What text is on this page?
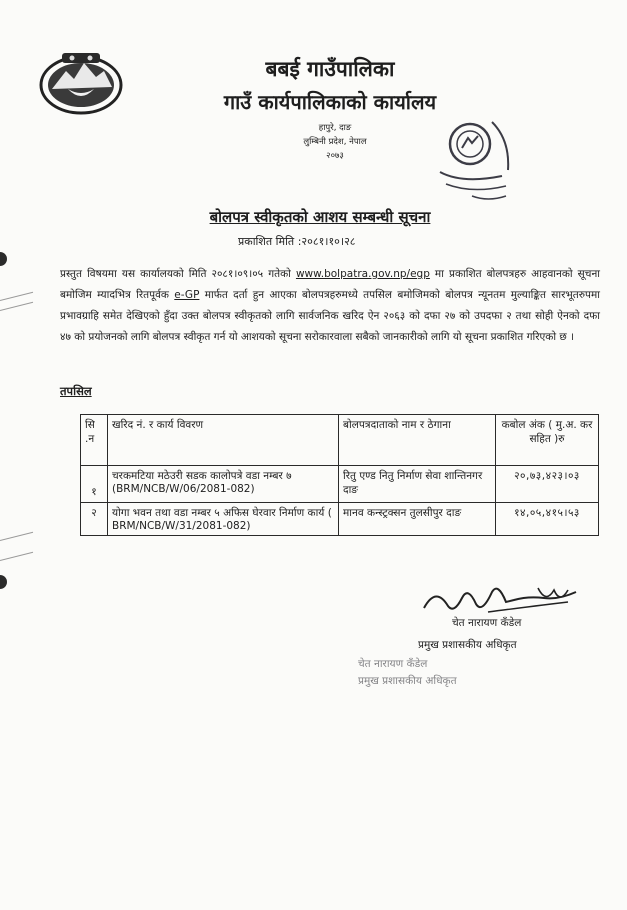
बबई गाउँपालिका
गाउँ कार्यपालिकाको कार्यालय
हापुरे, दाङ
लुम्बिनी प्रदेश, नेपाल
२०७३
बोलपत्र स्वीकृतको आशय सम्बन्धी सूचना
प्रकाशित मिति :२०८१।१०।२८
प्रस्तुत विषयमा यस कार्यालयको मिति २०८१।०९।०५ गतेको www.bolpatra.gov.np/egp मा प्रकाशित बोलपत्रहरु आहवानको सूचना बमोजिम म्यादभित्र रितपूर्वक e-GP मार्फत दर्ता हुन आएका बोलपत्रहरुमध्ये तपसिल बमोजिमको बोलपत्र न्यूनतम मुल्याङ्कित सारभूतरुपमा प्रभावग्राहि समेत देखिएको हुँदा उक्त बोलपत्र स्वीकृतको लागि सार्वजनिक खरिद ऐन २०६३ को दफा २७ को उपदफा २ तथा सोही ऐनको दफा ४७ को प्रयोजनको लागि बोलपत्र स्वीकृत गर्न यो आशयको सूचना सरोकारवाला सबैको जानकारीको लागि यो सूचना प्रकाशित गरिएको छ ।
तपसिल
सि .न	खरिद नं. र कार्य विवरण	बोलपत्रदाताको नाम र ठेगाना	कबोल अंक ( मु.अ. कर सहित )रु

१	चरकमटिया मठेउरी सडक कालोपत्रे वडा नम्बर ७ (BRM/NCB/W/06/2081-082)	रितु एण्ड नितु निर्माण सेवा शान्तिनगर दाङ	२०,७३,४२३।०३

२	योगा भवन तथा वडा नम्बर ५ अफिस घेरवार निर्माण कार्य ( BRM/NCB/W/31/2081-082)	मानव कन्स्ट्रक्सन तुलसीपुर दाङ	१४,०५,४१५।५३
चेत नारायण कँडेल
प्रमुख प्रशासकीय अधिकृत
चेत नारायण कँडेल
प्रमुख प्रशासकीय अधिकृत
